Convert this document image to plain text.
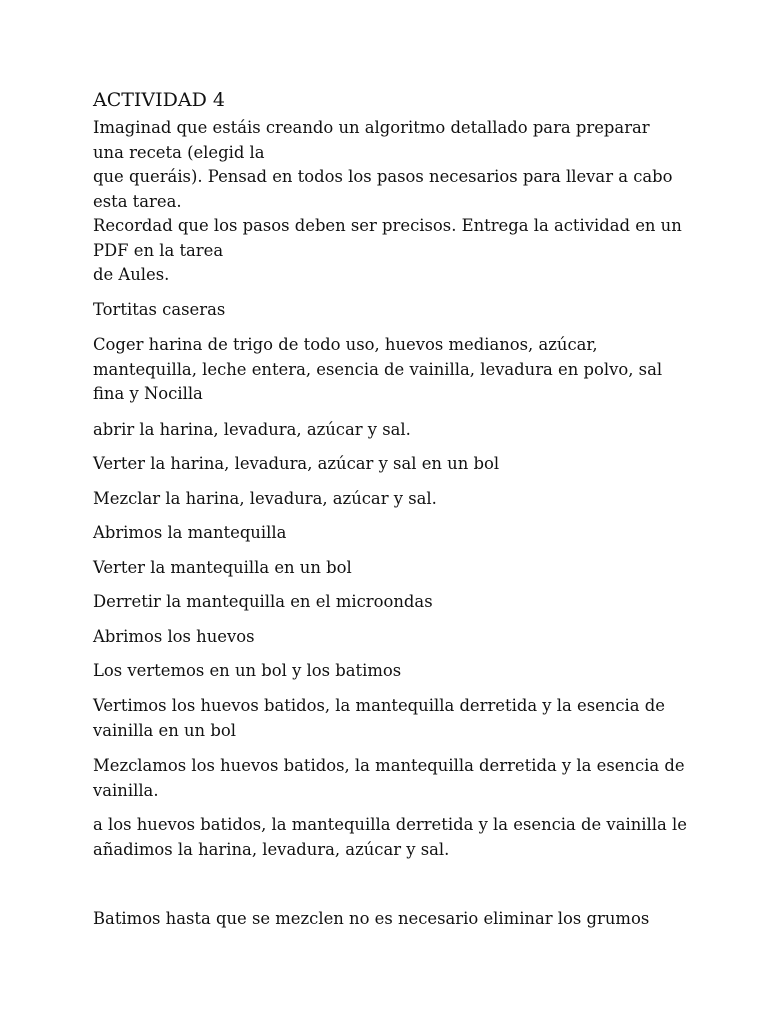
ACTIVIDAD 4

Imaginad que estáis creando un algoritmo detallado para preparar
una receta (elegid la
que queráis). Pensad en todos los pasos necesarios para llevar a cabo
esta tarea.
Recordad que los pasos deben ser precisos. Entrega la actividad en un
PDF en la tarea
de Aules.

Tortitas caseras

Coger harina de trigo de todo uso, huevos medianos, azúcar,
mantequilla, leche entera, esencia de vainilla, levadura en polvo, sal
fina y Nocilla

abrir la harina, levadura, azúcar y sal.

Verter la harina, levadura, azúcar y sal en un bol

Mezclar la harina, levadura, azúcar y sal.

Abrimos la mantequilla

Verter la mantequilla en un bol

Derretir la mantequilla en el microondas

Abrimos los huevos

Los vertemos en un bol y los batimos

Vertimos los huevos batidos, la mantequilla derretida y la esencia de
vainilla en un bol

Mezclamos los huevos batidos, la mantequilla derretida y la esencia de
vainilla.

a los huevos batidos, la mantequilla derretida y la esencia de vainilla le
añadimos la harina, levadura, azúcar y sal.

Batimos hasta que se mezclen no es necesario eliminar los grumos
